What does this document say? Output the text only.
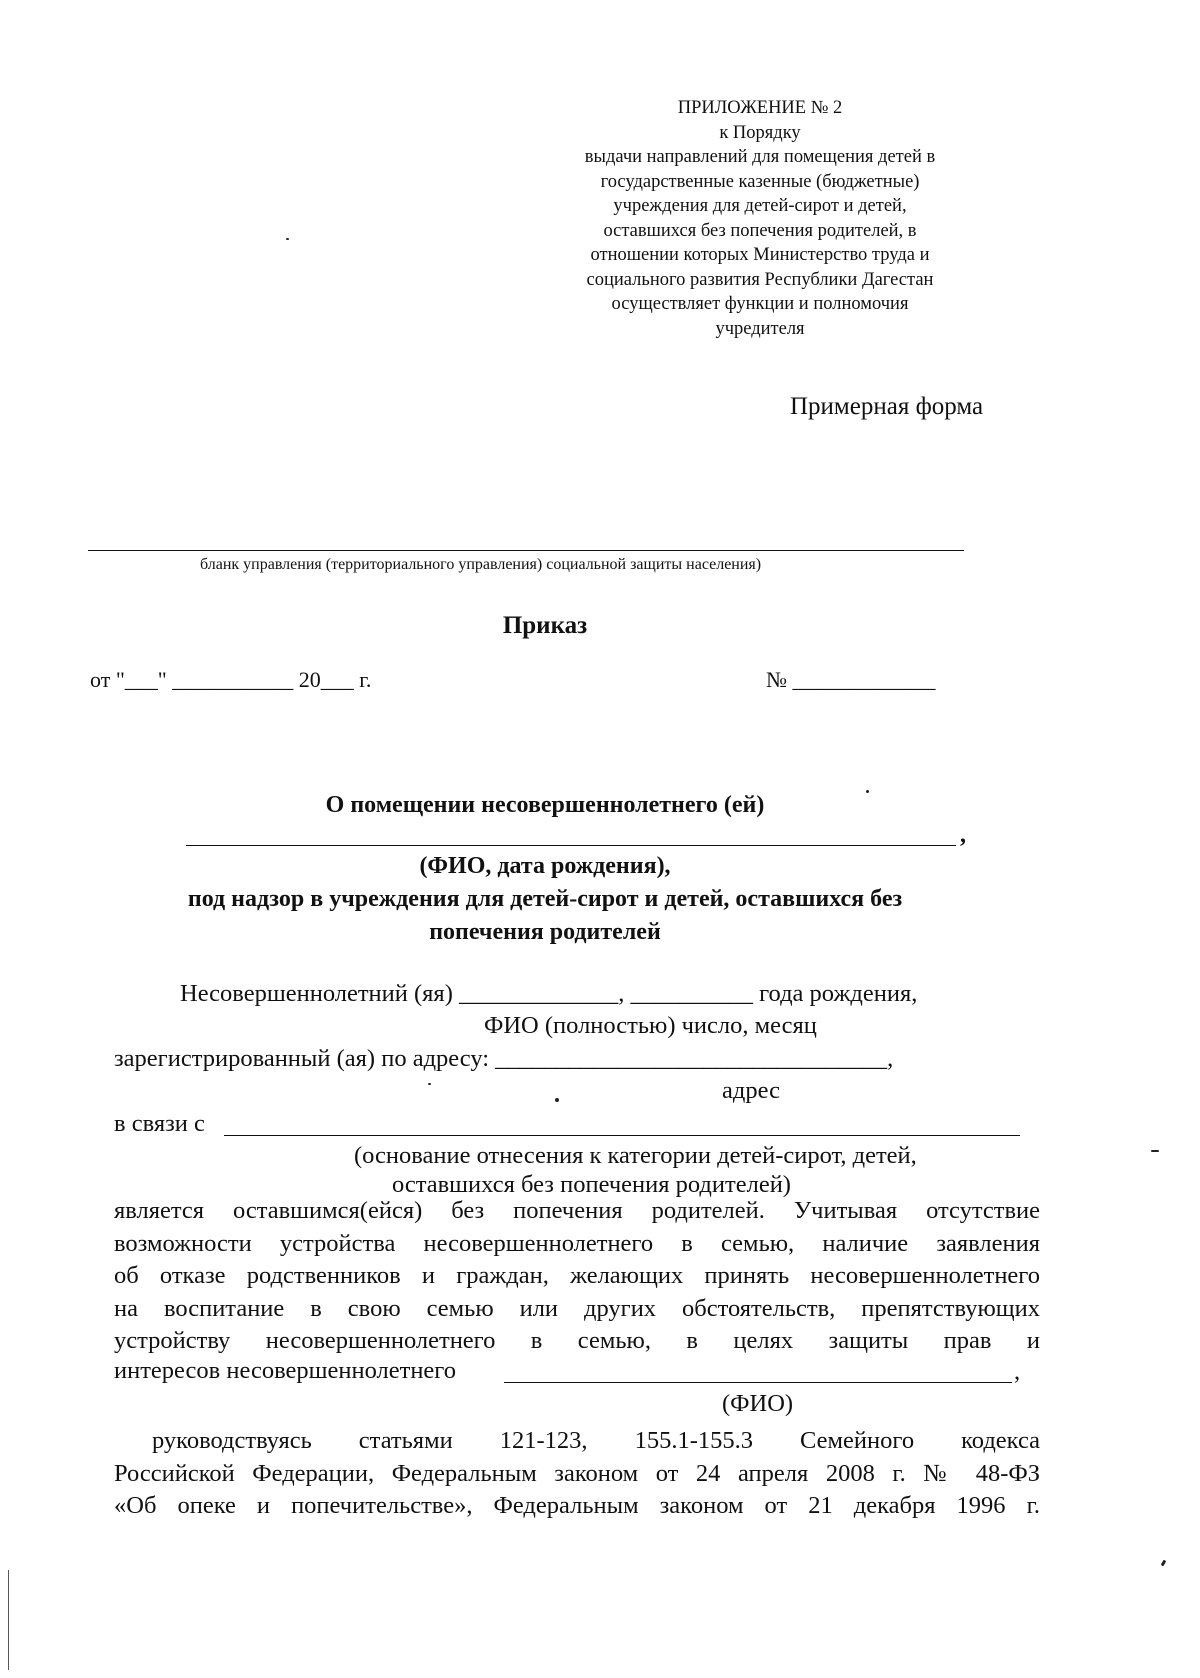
ПРИЛОЖЕНИЕ № 2
к Порядку
выдачи направлений для помещения детей в
государственные казенные (бюджетные)
учреждения для детей-сирот и детей,
оставшихся без попечения родителей, в
отношении которых Министерство труда и
социального развития Республики Дагестан
осуществляет функции и полномочия
учредителя
Примерная форма
бланк управления (территориального управления) социальной защиты населения)
Приказ
от "___" ___________ 20___ г.	№ _____________
О помещении несовершеннолетнего (ей)
,
(ФИО, дата рождения),
под надзор в учреждения для детей-сирот и детей, оставшихся без
попечения родителей
Несовершеннолетний (яя) _____________, __________ года рождения,
ФИО (полностью) число, месяц
зарегистрированный (ая) по адресу: ________________________________,
адрес
в связи с
(основание отнесения к категории детей-сирот, детей,
оставшихся без попечения родителей)
является оставшимся(ейся) без попечения родителей. Учитывая отсутствие
возможности устройства несовершеннолетнего в семью, наличие заявления
об отказе родственников и граждан, желающих принять несовершеннолетнего
на воспитание в свою семью или других обстоятельств, препятствующих
устройству несовершеннолетнего в семью, в целях защиты прав и
интересов несовершеннолетнего	,
(ФИО)
руководствуясь статьями 121-123, 155.1-155.3 Семейного кодекса
Российской Федерации, Федеральным законом от 24 апреля 2008 г. № 48-ФЗ
«Об опеке и попечительстве», Федеральным законом от 21 декабря 1996 г.
